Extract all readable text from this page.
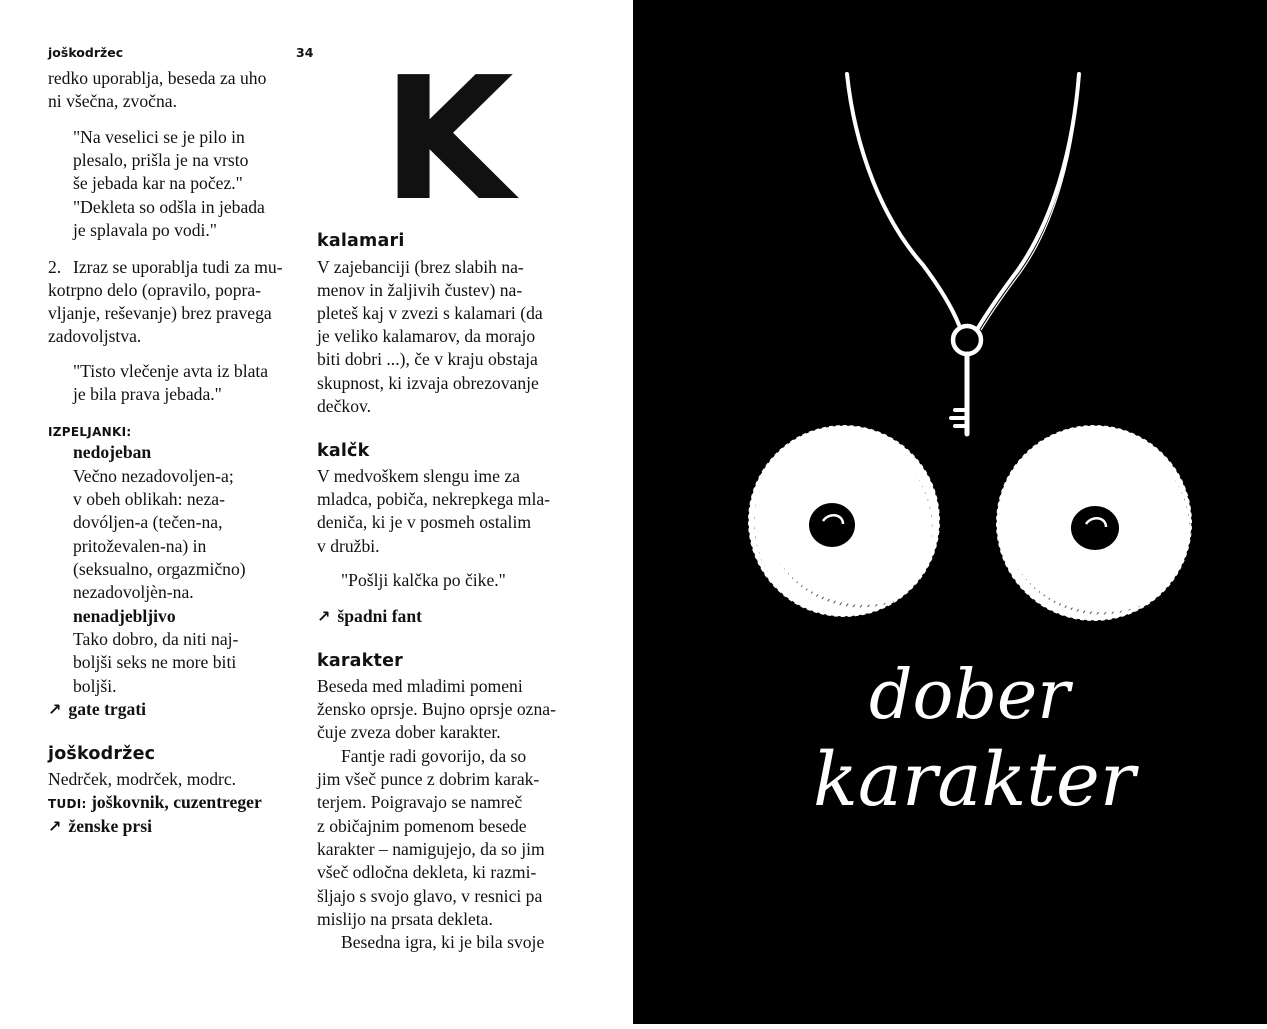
joškodržec	34
redko uporablja, beseda za uho
ni všečna, zvočna.
"Na veselici se je pilo in
plesalo, prišla je na vrsto
še jebada kar na počez."
"Dekleta so odšla in jebada
je splavala po vodi."
2. Izraz se uporablja tudi za mu-
kotrpno delo (opravilo, popra-
vljanje, reševanje) brez pravega
zadovoljstva.
"Tisto vlečenje avta iz blata
je bila prava jebada."
IZPELJANKI:
nedojeban
Večno nezadovoljen-a;
v obeh oblikah: neza-
dovóljen-a (tečen-na,
pritoževalen-na) in
(seksualno, orgazmično)
nezadovoljèn-na.
nenadjebljivo
Tako dobro, da niti naj-
boljši seks ne more biti
boljši.
↗ gate trgati
joškodržec
Nedrček, modrček, modrc.
TUDI: joškovnik, cuzentreger
↗ ženske prsi
K
kalamari
V zajebanciji (brez slabih na-
menov in žaljivih čustev) na-
pleteš kaj v zvezi s kalamari (da
je veliko kalamarov, da morajo
biti dobri ...), če v kraju obstaja
skupnost, ki izvaja obrezovanje
dečkov.
kalčk
V medvoškem slengu ime za
mladca, pobiča, nekrepkega mla-
deniča, ki je v posmeh ostalim
v družbi.
"Pošlji kalčka po čike."
↗ špadni fant
karakter
Beseda med mladimi pomeni
žensko oprsje. Bujno oprsje ozna-
čuje zveza dober karakter.
Fantje radi govorijo, da so
jim všeč punce z dobrim karak-
terjem. Poigravajo se namreč
z običajnim pomenom besede
karakter – namigujejo, da so jim
všeč odločna dekleta, ki razmi-
šljajo s svojo glavo, v resnici pa
mislijo na prsata dekleta.
Besedna igra, ki je bila svoje
dober
karakter
